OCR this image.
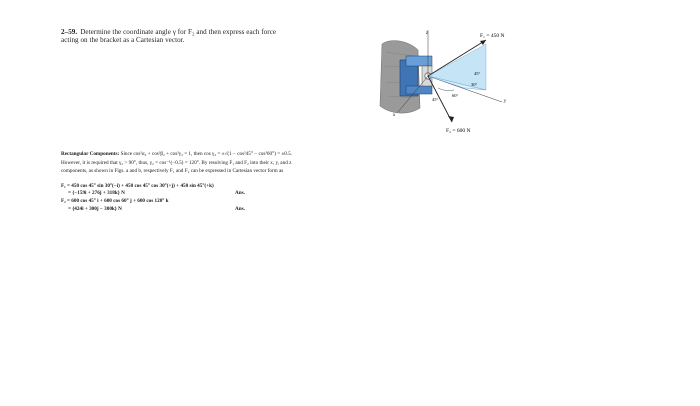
2–59. Determine the coordinate angle γ for F₂ and then express each force acting on the bracket as a Cartesian vector.
z
y
x
F₁ = 450 N
45°
30°
60°
45°
F₂ = 600 N

Rectangular Components: Since cos²α₂ + cos²β₂ + cos²γ₂ = 1, then cos γ₂ = ±√(1 − cos²45° − cos²60°) = ±0.5.

However, it is required that γ₂ > 90°, thus, γ₂ = cos⁻¹(−0.5) = 120°. By resolving F₁ and F₂ into their x, y, and z

components, as shown in Figs. a and b, respectively F₁ and F₂ can be expressed in Cartesian vector form as

F₁ = 450 cos 45° sin 30°(−i) + 450 cos 45° cos 30°(+j) + 450 sin 45°(+k)
= {−159i + 276j + 318k} N	Ans.
F₂ = 600 cos 45° i + 600 cos 60° j + 600 cos 120° k
= {424i + 300j − 300k} N	Ans.
